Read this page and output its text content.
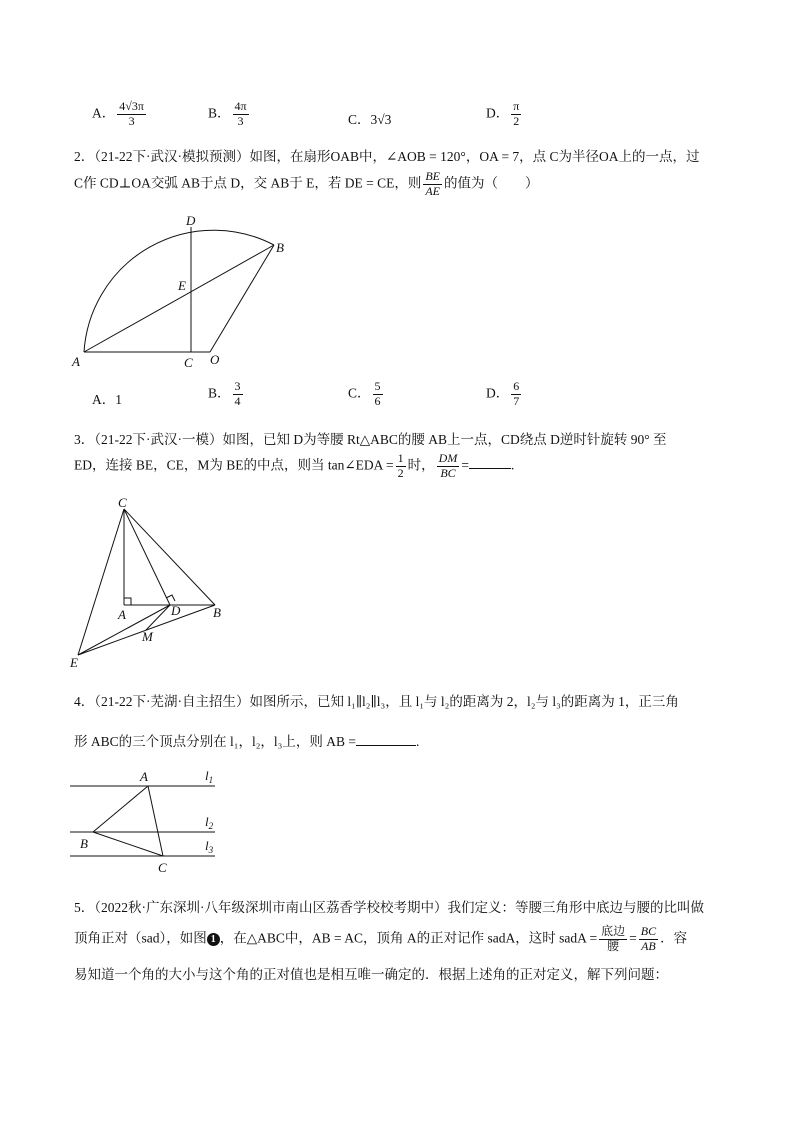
A． $\frac{4√3\pi}{3}$	B． $\frac{4\pi}{3}$	C．3√3	D． $\frac{\pi}{2}$
2．（21-22下·武汉·模拟预测）如图，在扇形OAB中，∠AOB = 120°，OA = 7，点 C为半径OA上的一点，过
C作 CD⊥OA交弧 AB于点 D，交 AB于 E，若 DE = CE，则 $\frac{BE}{AE}$ 的值为（　　）
D
B
E
A	C O
A．1	B． $\frac{3}{4}$	C． $\frac{5}{6}$	D． $\frac{6}{7}$
3．（21-22下·武汉·一模）如图，已知 D为等腰 Rt△ABC的腰 AB上一点，CD绕点 D逆时针旋转 90° 至
ED，连接 BE，CE，M为 BE的中点，则当 tan∠EDA = $\frac{1}{2}$ 时， $\frac{DM}{BC}$ =	.
C
A	D	B
M
E
4．（21-22下·芜湖·自主招生）如图所示，已知 l₁∥l₂∥l₃，且 l₁与 l₂的距离为 2，l₂与 l₃的距离为 1，正三角
形 ABC的三个顶点分别在 l₁，l₂，l₃上，则 AB =	.
A
B
C
$l_1$
$l_2$
$l_3$
5．（2022秋·广东深圳·八年级深圳市南山区荔香学校校考期中）我们定义：等腰三角形中底边与腰的比叫做
顶角正对（sad），如图 1 ，在△ABC中，AB = AC，顶角 A的正对记作 sadA，这时 sadA = $\frac{\text{底边}}{\text{腰}} = \frac{BC}{AB}$ ．容
易知道一个角的大小与这个角的正对值也是相互唯一确定的．根据上述角的正对定义，解下列问题：
